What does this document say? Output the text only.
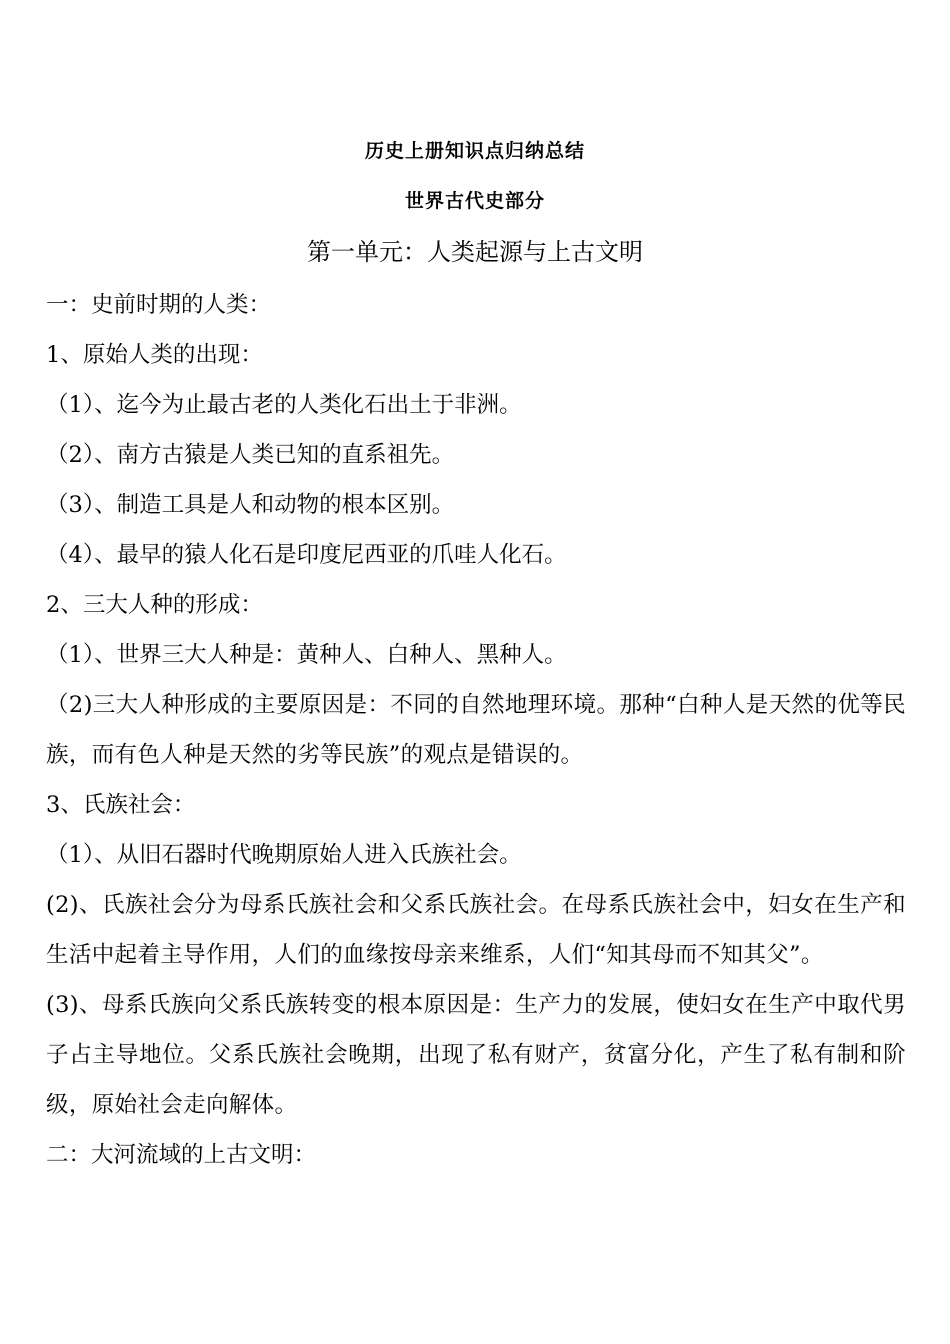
历史上册知识点归纳总结
世界古代史部分
第一单元：人类起源与上古文明
一：史前时期的人类：
1、原始人类的出现：
（1）、迄今为止最古老的人类化石出土于非洲。
（2）、南方古猿是人类已知的直系祖先。
（3）、制造工具是人和动物的根本区别。
（4）、最早的猿人化石是印度尼西亚的爪哇人化石。
2、三大人种的形成：
（1）、世界三大人种是：黄种人、白种人、黑种人。
（2)三大人种形成的主要原因是：不同的自然地理环境。那种“白种人是天然的优等民族，而有色人种是天然的劣等民族”的观点是错误的。
3、氏族社会：
（1）、从旧石器时代晚期原始人进入氏族社会。
(2)、氏族社会分为母系氏族社会和父系氏族社会。在母系氏族社会中，妇女在生产和生活中起着主导作用，人们的血缘按母亲来维系，人们“知其母而不知其父”。
(3)、母系氏族向父系氏族转变的根本原因是：生产力的发展，使妇女在生产中取代男子占主导地位。父系氏族社会晚期，出现了私有财产，贫富分化，产生了私有制和阶级，原始社会走向解体。
二：大河流域的上古文明：
